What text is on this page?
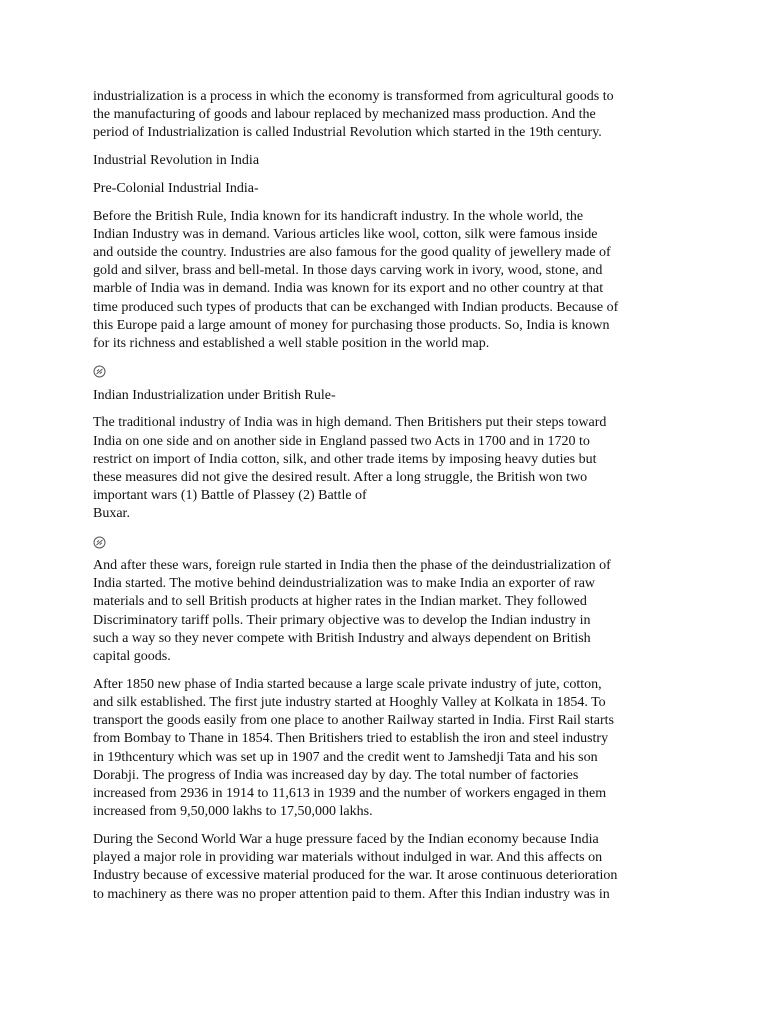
industrialization is a process in which the economy is transformed from agricultural goods to
the manufacturing of goods and labour replaced by mechanized mass production. And the
period of Industrialization is called Industrial Revolution which started in the 19th century.

Industrial Revolution in India

Pre-Colonial Industrial India-

Before the British Rule, India known for its handicraft industry. In the whole world, the
Indian Industry was in demand. Various articles like wool, cotton, silk were famous inside
and outside the country. Industries are also famous for the good quality of jewellery made of
gold and silver, brass and bell-metal. In those days carving work in ivory, wood, stone, and
marble of India was in demand. India was known for its export and no other country at that
time produced such types of products that can be exchanged with Indian products. Because of
this Europe paid a large amount of money for purchasing those products. So, India is known
for its richness and established a well stable position in the world map.

Indian Industrialization under British Rule-

The traditional industry of India was in high demand. Then Britishers put their steps toward
India on one side and on another side in England passed two Acts in 1700 and in 1720 to
restrict on import of India cotton, silk, and other trade items by imposing heavy duties but
these measures did not give the desired result. After a long struggle, the British won two
important wars (1) Battle of Plassey (2) Battle of
Buxar.

And after these wars, foreign rule started in India then the phase of the deindustrialization of
India started. The motive behind deindustrialization was to make India an exporter of raw
materials and to sell British products at higher rates in the Indian market. They followed
Discriminatory tariff polls. Their primary objective was to develop the Indian industry in
such a way so they never compete with British Industry and always dependent on British
capital goods.

After 1850 new phase of India started because a large scale private industry of jute, cotton,
and silk established. The first jute industry started at Hooghly Valley at Kolkata in 1854. To
transport the goods easily from one place to another Railway started in India. First Rail starts
from Bombay to Thane in 1854. Then Britishers tried to establish the iron and steel industry
in 19thcentury which was set up in 1907 and the credit went to Jamshedji Tata and his son
Dorabji. The progress of India was increased day by day. The total number of factories
increased from 2936 in 1914 to 11,613 in 1939 and the number of workers engaged in them
increased from 9,50,000 lakhs to 17,50,000 lakhs.

During the Second World War a huge pressure faced by the Indian economy because India
played a major role in providing war materials without indulged in war. And this affects on
Industry because of excessive material produced for the war. It arose continuous deterioration
to machinery as there was no proper attention paid to them. After this Indian industry was in
